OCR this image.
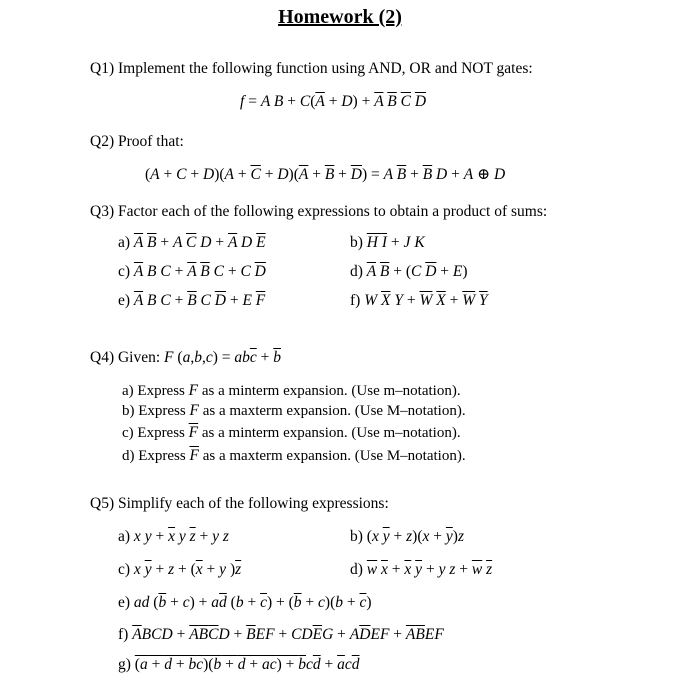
Homework (2)
Q1) Implement the following function using AND, OR and NOT gates:
f = A $B + C(\overline{A} + D) + \overline{A}$ $\overline{B}$ $\overline{C}$ $\overline{D}$
Q2) Proof that:
$(A + C + D)(A + \overline{C} + D)(\overline{A} + \overline{B} + \overline{D}) = A$ $\overline{B} + \overline{B}$ D + A ⊕ D
Q3) Factor each of the following expressions to obtain a product of sums:
a) $\overline{A}$ $\overline{B} + A$ $\overline{C}$ $D + \overline{A}$ D $\overline{E}$	b) $\overline{H}$ $\overline{I} + J$ K
c) $\overline{A}$ B $C + \overline{A}$ $\overline{B}$ C + C $\overline{D}$	d) $\overline{A}$ $\overline{B} + (C$ $\overline{D} + E$)
e) $\overline{A}$ B $C + \overline{B}$ C $\overline{D} + E$ $\overline{F}$	f) W $\overline{X}$ $Y + \overline{W}$ $\overline{X} + \overline{W}$ $\overline{Y}$
Q4) Given: F $(a,b,c) = ab\overline{c} + \overline{b}$
a) Express F as a minterm expansion. (Use m–notation).
b) Express F as a maxterm expansion. (Use M–notation).
c) Express $\overline{F}$ as a minterm expansion. (Use m–notation).
d) Express $\overline{F}$ as a maxterm expansion. (Use M–notation).
Q5) Simplify each of the following expressions:
a) x $y + \overline{x}$ y $\overline{z} + y$ z	b) (x $\overline{y} + z)(x + \overline{y})z$
c) x $\overline{y} + z + (\overline{x} + y$ )$\overline{z}$	d) $\overline{w}$ $\overline{x} + \overline{x}$ $\overline{y} + y$ $z + \overline{w}$ $\overline{z}$
e) ad $(\overline{b} + c) + a\overline{d}$ $(b + \overline{c}) + (\overline{b} + c)(b + \overline{c})$
f) $\overline{A}BCD + \overline{A}\overline{B}\overline{C}D + \overline{B}EF + CD\overline{E}G + A\overline{D}EF + \overline{A}\overline{B}EF$
g) $(a + d + bc)(b + d + ac) + \overline{b}c\overline{d} + \overline{a}c\overline{d}$
